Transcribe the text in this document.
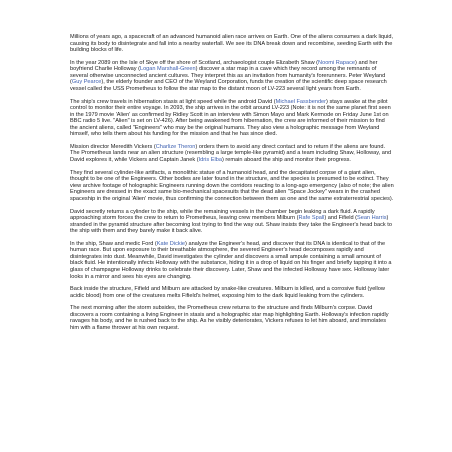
Millions of years ago, a spacecraft of an advanced humanoid alien race arrives on Earth. One of the aliens consumes a dark liquid, causing its body to disintegrate and fall into a nearby waterfall. We see its DNA break down and recombine, seeding Earth with the building blocks of life.

In the year 2089 on the Isle of Skye off the shore of Scotland, archaeologist couple Elizabeth Shaw (Noomi Rapace) and her boyfriend Charlie Holloway (Logan Marshall-Green) discover a star map in a cave which they record among the remnants of several otherwise unconnected ancient cultures. They interpret this as an invitation from humanity's forerunners. Peter Weyland (Guy Pearce), the elderly founder and CEO of the Weyland Corporation, funds the creation of the scientific deep space research vessel called the USS Prometheus to follow the star map to the distant moon of LV-223 several light years from Earth.

The ship's crew travels in hibernation stasis at light speed while the android David (Michael Fassbender) stays awake at the pilot control to monitor their entire voyage. In 2093, the ship arrives in the orbit around LV-223 (Note: it is not the same planet first seen in the 1979 movie 'Alien' as confirmed by Ridley Scott in an interview with Simon Mayo and Mark Kermode on Friday June 1st on BBC radio 5 live. "Alien" is set on LV-426). After being awakened from hibernation, the crew are informed of their mission to find the ancient aliens, called "Engineers" who may be the original humans. They also view a holographic message from Weyland himself, who tells them about his funding for the mission and that he has since died.

Mission director Meredith Vickers (Charlize Theron) orders them to avoid any direct contact and to return if the aliens are found. The Prometheus lands near an alien structure (resembling a large temple-like pyramid) and a team including Shaw, Holloway, and David explores it, while Vickers and Captain Janek (Idris Elba) remain aboard the ship and monitor their progress.

They find several cylinder-like artifacts, a monolithic statue of a humanoid head, and the decapitated corpse of a giant alien, thought to be one of the Engineers. Other bodies are later found in the structure, and the species is presumed to be extinct. They view archive footage of holographic Engineers running down the corridors reacting to a long-ago emergency (also of note; the alien Engineers are dressed in the exact same bio-mechanical spacesuits that the dead alien "Space Jockey" wears in the crashed spaceship in the original 'Alien' movie, thus confirming the connection between them as one and the same extraterrestrial species).

David secretly returns a cylinder to the ship, while the remaining vessels in the chamber begin leaking a dark fluid. A rapidly approaching storm forces the crew to return to Prometheus, leaving crew members Milburn (Rafe Spall) and Fifield (Sean Harris) stranded in the pyramid structure after becoming lost trying to find the way out. Shaw insists they take the Engineer's head back to the ship with them and they barely make it back alive.

In the ship, Shaw and medic Ford (Kate Dickie) analyze the Engineer's head, and discover that its DNA is identical to that of the human race. But upon exposure to their breathable atmosphere, the severed Engineer's head decomposes rapidly and disintegrates into dust. Meanwhile, David investigates the cylinder and discovers a small ampule containing a small amount of black fluid. He intentionally infects Holloway with the substance, hiding it in a drop of liquid on his finger and briefly tapping it into a glass of champagne Holloway drinks to celebrate their discovery. Later, Shaw and the infected Holloway have sex. Holloway later looks in a mirror and sees his eyes are changing.

Back inside the structure, Fifield and Milburn are attacked by snake-like creatures. Milburn is killed, and a corrosive fluid (yellow acidic blood) from one of the creatures melts Fifield's helmet, exposing him to the dark liquid leaking from the cylinders.

The next morning after the storm subsides, the Prometheus crew returns to the structure and finds Milburn's corpse. David discovers a room containing a living Engineer in stasis and a holographic star map highlighting Earth. Holloway's infection rapidly ravages his body, and he is rushed back to the ship. As he visibly deteriorates, Vickers refuses to let him aboard, and immolates him with a flame thrower at his own request.
